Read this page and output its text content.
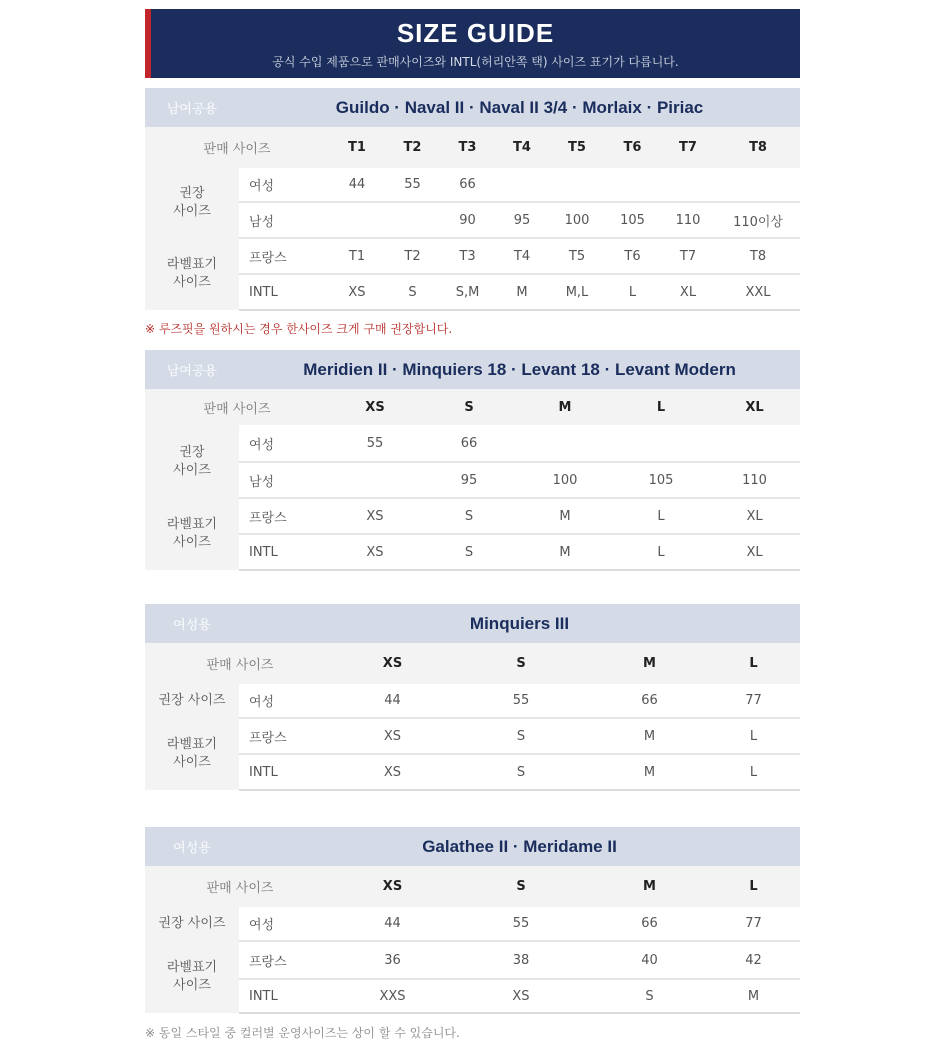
SIZE GUIDE
공식 수입 제품으로 판매사이즈와 INTL(허리안쪽 택) 사이즈 표기가 다릅니다.
남여공용	Guildo · Naval II · Naval II 3/4 · Morlaix · Piriac								
판매 사이즈		T1	T2	T3	T4	T5	T6	T7	T8
권장
사이즈	여성	44	55	66					
	남성			90	95	100	105	110	110이상
라벨표기
사이즈	프랑스	T1	T2	T3	T4	T5	T6	T7	T8
	INTL	XS	S	S,M	M	M,L	L	XL	XXL
※ 루즈핏을 원하시는 경우 한사이즈 크게 구매 권장합니다.
남여공용	Meridien II · Minquiers 18 · Levant 18 · Levant Modern					
판매 사이즈		XS	S	M	L	XL
권장
사이즈	여성	55	66			
	남성		95	100	105	110
라벨표기
사이즈	프랑스	XS	S	M	L	XL
	INTL	XS	S	M	L	XL
여성용	Minquiers III				
판매 사이즈		XS	S	M	L
권장 사이즈	여성	44	55	66	77
라벨표기
사이즈	프랑스	XS	S	M	L
	INTL	XS	S	M	L
여성용	Galathee II · Meridame II				
판매 사이즈		XS	S	M	L
권장 사이즈	여성	44	55	66	77
라벨표기
사이즈	프랑스	36	38	40	42
	INTL	XXS	XS	S	M
※ 동일 스타일 중 컬러별 운영사이즈는 상이 할 수 있습니다.
